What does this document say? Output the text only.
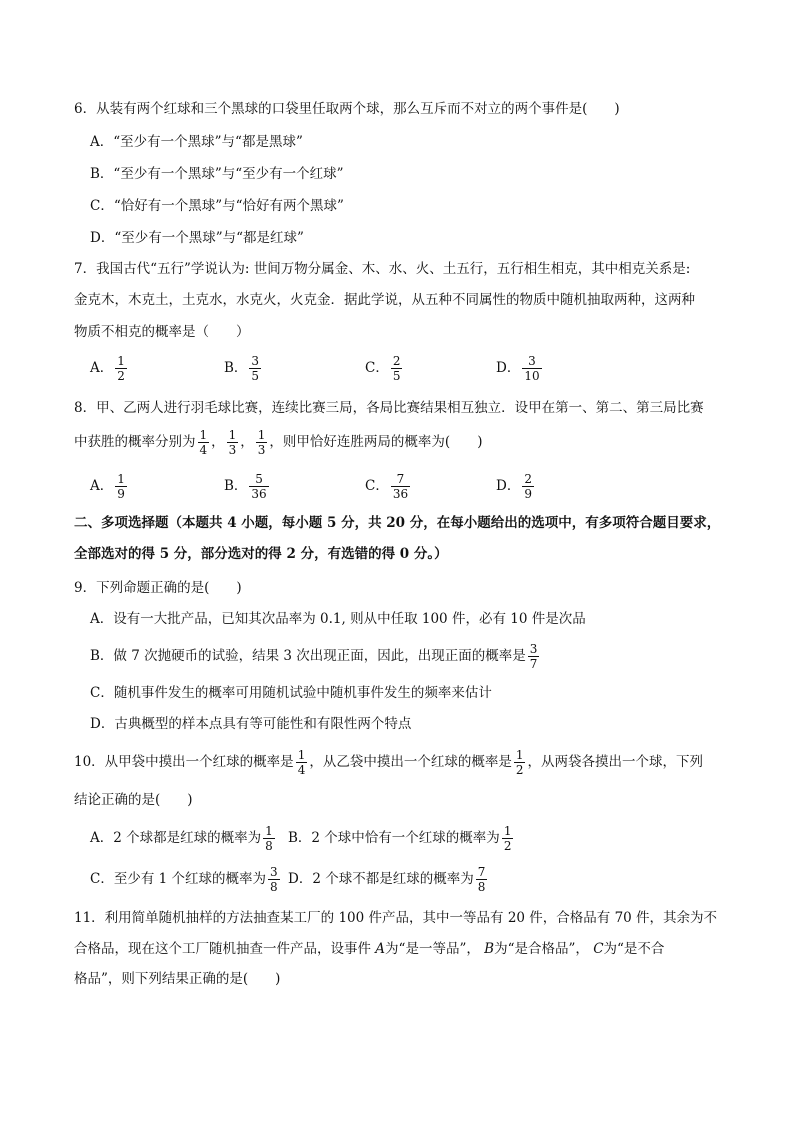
6．从装有两个红球和三个黑球的口袋里任取两个球，那么互斥而不对立的两个事件是(　　)
A．“至少有一个黑球”与“都是黑球”
B．“至少有一个黑球”与“至少有一个红球”
C．“恰好有一个黑球”与“恰好有两个黑球”
D．“至少有一个黑球”与“都是红球”
7．我国古代“五行”学说认为: 世间万物分属金、木、水、火、土五行，五行相生相克，其中相克关系是:
金克木，木克土，土克水，水克火，火克金．据此学说，从五种不同属性的物质中随机抽取两种，这两种
物质不相克的概率是（　　）
A． $\frac{1}{2}$	B． $\frac{3}{5}$	C． $\frac{2}{5}$	D． $\frac{3}{10}$
8．甲、乙两人进行羽毛球比赛，连续比赛三局，各局比赛结果相互独立．设甲在第一、第二、第三局比赛
中获胜的概率分别为 $\frac{1}{4}$ ， $\frac{1}{3}$ ， $\frac{1}{3}$ ，则甲恰好连胜两局的概率为(　　)
A． $\frac{1}{9}$	B． $\frac{5}{36}$	C． $\frac{7}{36}$	D． $\frac{2}{9}$
二、多项选择题（本题共 4 小题，每小题 5 分，共 20 分，在每小题给出的选项中，有多项符合题目要求，
全部选对的得 5 分，部分选对的得 2 分，有选错的得 0 分。）
9．下列命题正确的是(　　)
A．设有一大批产品，已知其次品率为 0.1, 则从中任取 100 件，必有 10 件是次品
B．做 7 次抛硬币的试验，结果 3 次出现正面，因此，出现正面的概率是 $\frac{3}{7}$
C．随机事件发生的概率可用随机试验中随机事件发生的频率来估计
D．古典概型的样本点具有等可能性和有限性两个特点
10．从甲袋中摸出一个红球的概率是 $\frac{1}{4}$ ，从乙袋中摸出一个红球的概率是 $\frac{1}{2}$ ，从两袋各摸出一个球，下列
结论正确的是(　　)
A．2 个球都是红球的概率为 $\frac{1}{8}$ B．2 个球中恰有一个红球的概率为 $\frac{1}{2}$
C．至少有 1 个红球的概率为 $\frac{3}{8}$ D．2 个球不都是红球的概率为 $\frac{7}{8}$
11．利用简单随机抽样的方法抽查某工厂的 100 件产品，其中一等品有 20 件，合格品有 70 件，其余为不
合格品，现在这个工厂随机抽查一件产品，设事件 A为“是一等品”， B为“是合格品”， C为“是不合
格品”，则下列结果正确的是(　　)
